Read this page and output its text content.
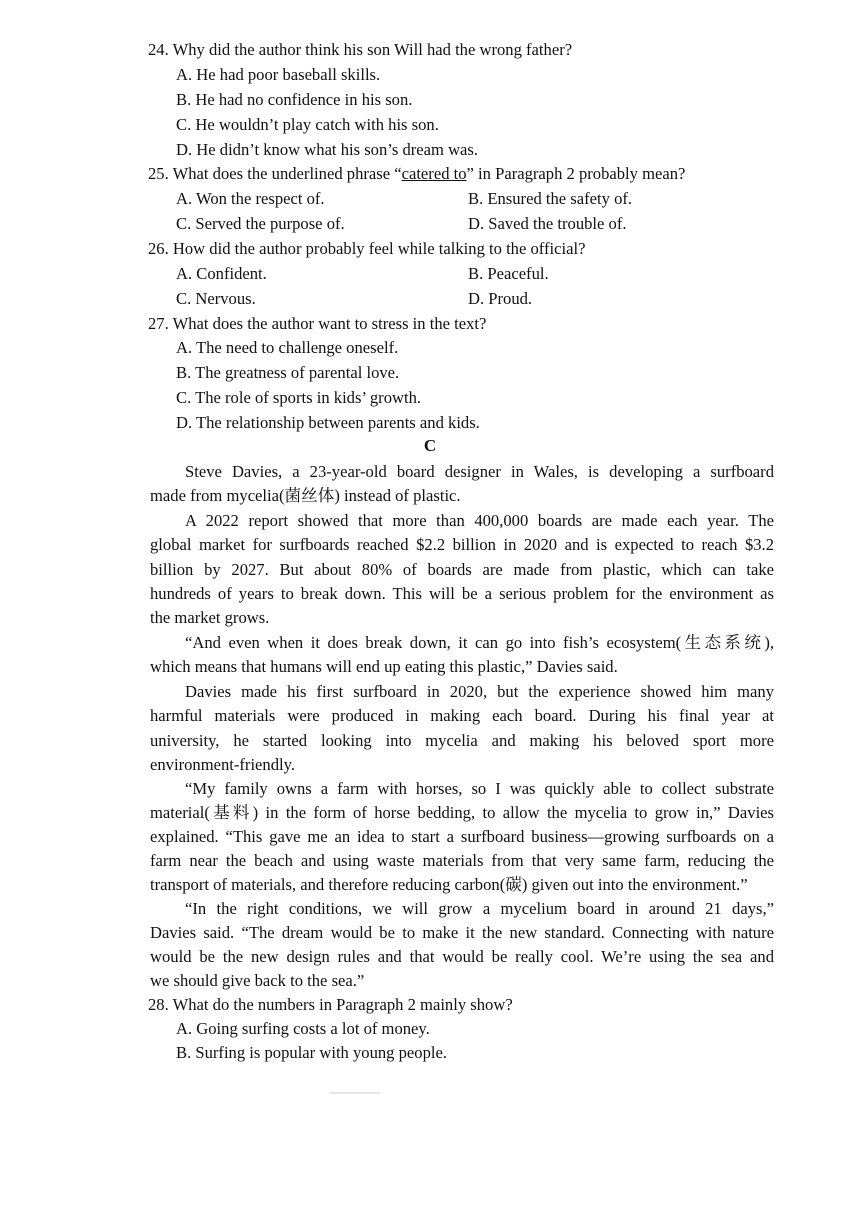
24. Why did the author think his son Will had the wrong father?
A. He had poor baseball skills.
B. He had no confidence in his son.
C. He wouldn’t play catch with his son.
D. He didn’t know what his son’s dream was.
25. What does the underlined phrase “catered to” in Paragraph 2 probably mean?
A. Won the respect of.	B. Ensured the safety of.
C. Served the purpose of.	D. Saved the trouble of.
26. How did the author probably feel while talking to the official?
A. Confident.	B. Peaceful.
C. Nervous.	D. Proud.
27. What does the author want to stress in the text?
A. The need to challenge oneself.
B. The greatness of parental love.
C. The role of sports in kids’ growth.
D. The relationship between parents and kids.
C
Steve Davies, a 23-year-old board designer in Wales, is developing a surfboard
made from mycelia(菌丝体) instead of plastic.
A 2022 report showed that more than 400,000 boards are made each year. The
global market for surfboards reached $2.2 billion in 2020 and is expected to reach $3.2
billion by 2027. But about 80% of boards are made from plastic, which can take
hundreds of years to break down. This will be a serious problem for the environment as
the market grows.
“And even when it does break down, it can go into fish’s ecosystem(生态系统),
which means that humans will end up eating this plastic,” Davies said.
Davies made his first surfboard in 2020, but the experience showed him many
harmful materials were produced in making each board. During his final year at
university, he started looking into mycelia and making his beloved sport more
environment-friendly.
“My family owns a farm with horses, so I was quickly able to collect substrate
material(基料) in the form of horse bedding, to allow the mycelia to grow in,” Davies
explained. “This gave me an idea to start a surfboard business—growing surfboards on a
farm near the beach and using waste materials from that very same farm, reducing the
transport of materials, and therefore reducing carbon(碳) given out into the environment.”
“In the right conditions, we will grow a mycelium board in around 21 days,”
Davies said. “The dream would be to make it the new standard. Connecting with nature
would be the new design rules and that would be really cool. We’re using the sea and
we should give back to the sea.”
28. What do the numbers in Paragraph 2 mainly show?
A. Going surfing costs a lot of money.
B. Surfing is popular with young people.
